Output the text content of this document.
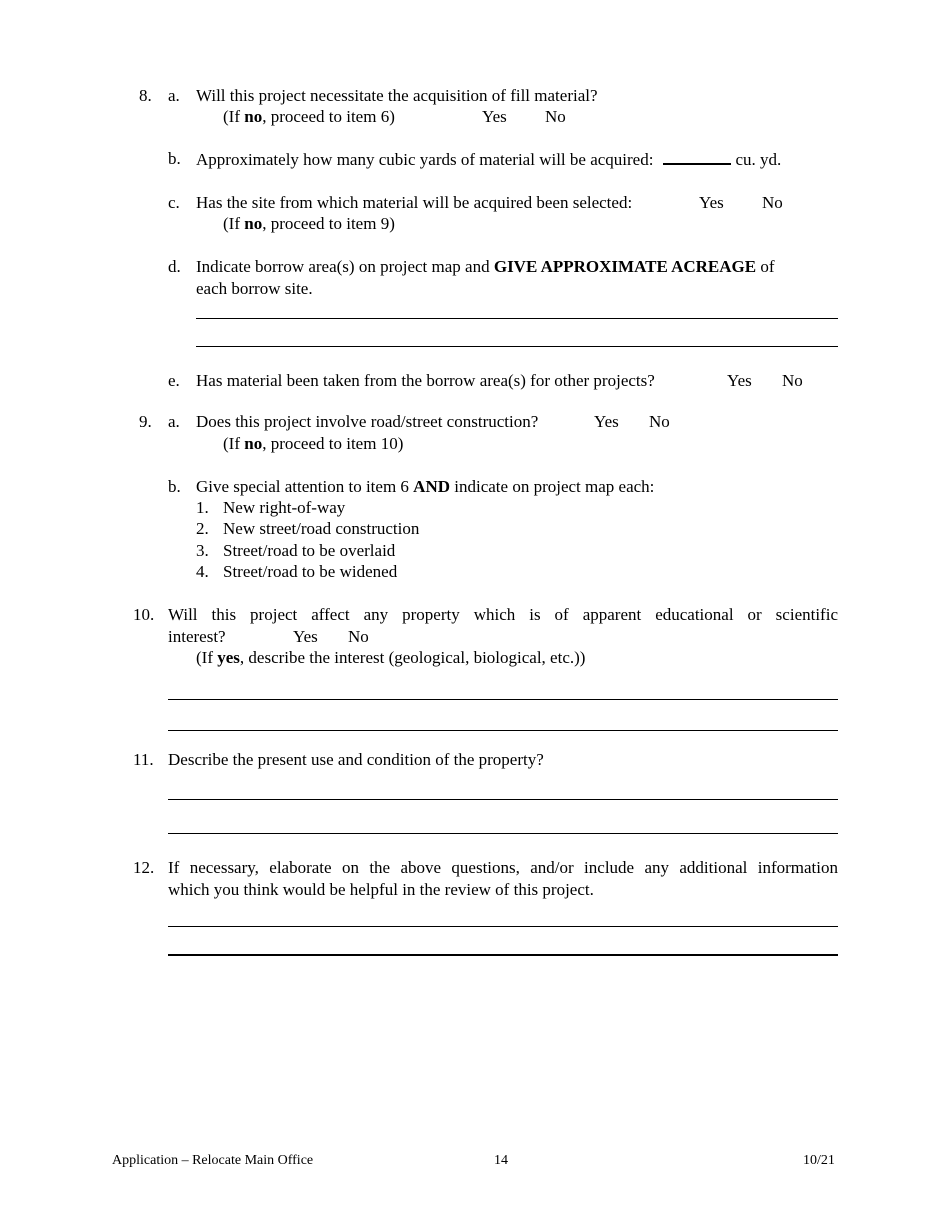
8. a. Will this project necessitate the acquisition of fill material?
(If no, proceed to item 6)	Yes No
b. Approximately how many cubic yards of material will be acquired:	cu. yd.
c. Has the site from which material will be acquired been selected:	Yes No
(If no, proceed to item 9)
d. Indicate borrow area(s) on project map and GIVE APPROXIMATE ACREAGE of
each borrow site.
e. Has material been taken from the borrow area(s) for other projects?	Yes No
9. a. Does this project involve road/street construction?	Yes No
(If no, proceed to item 10)
b. Give special attention to item 6 AND indicate on project map each:
1. New right-of-way
2. New street/road construction
3. Street/road to be overlaid
4. Street/road to be widened
10. Will this project affect any property which is of apparent educational or scientific
interest?	Yes No
(If yes, describe the interest (geological, biological, etc.))
11. Describe the present use and condition of the property?
12. If necessary, elaborate on the above questions, and/or include any additional information
which you think would be helpful in the review of this project.
Application – Relocate Main Office	14	10/21
